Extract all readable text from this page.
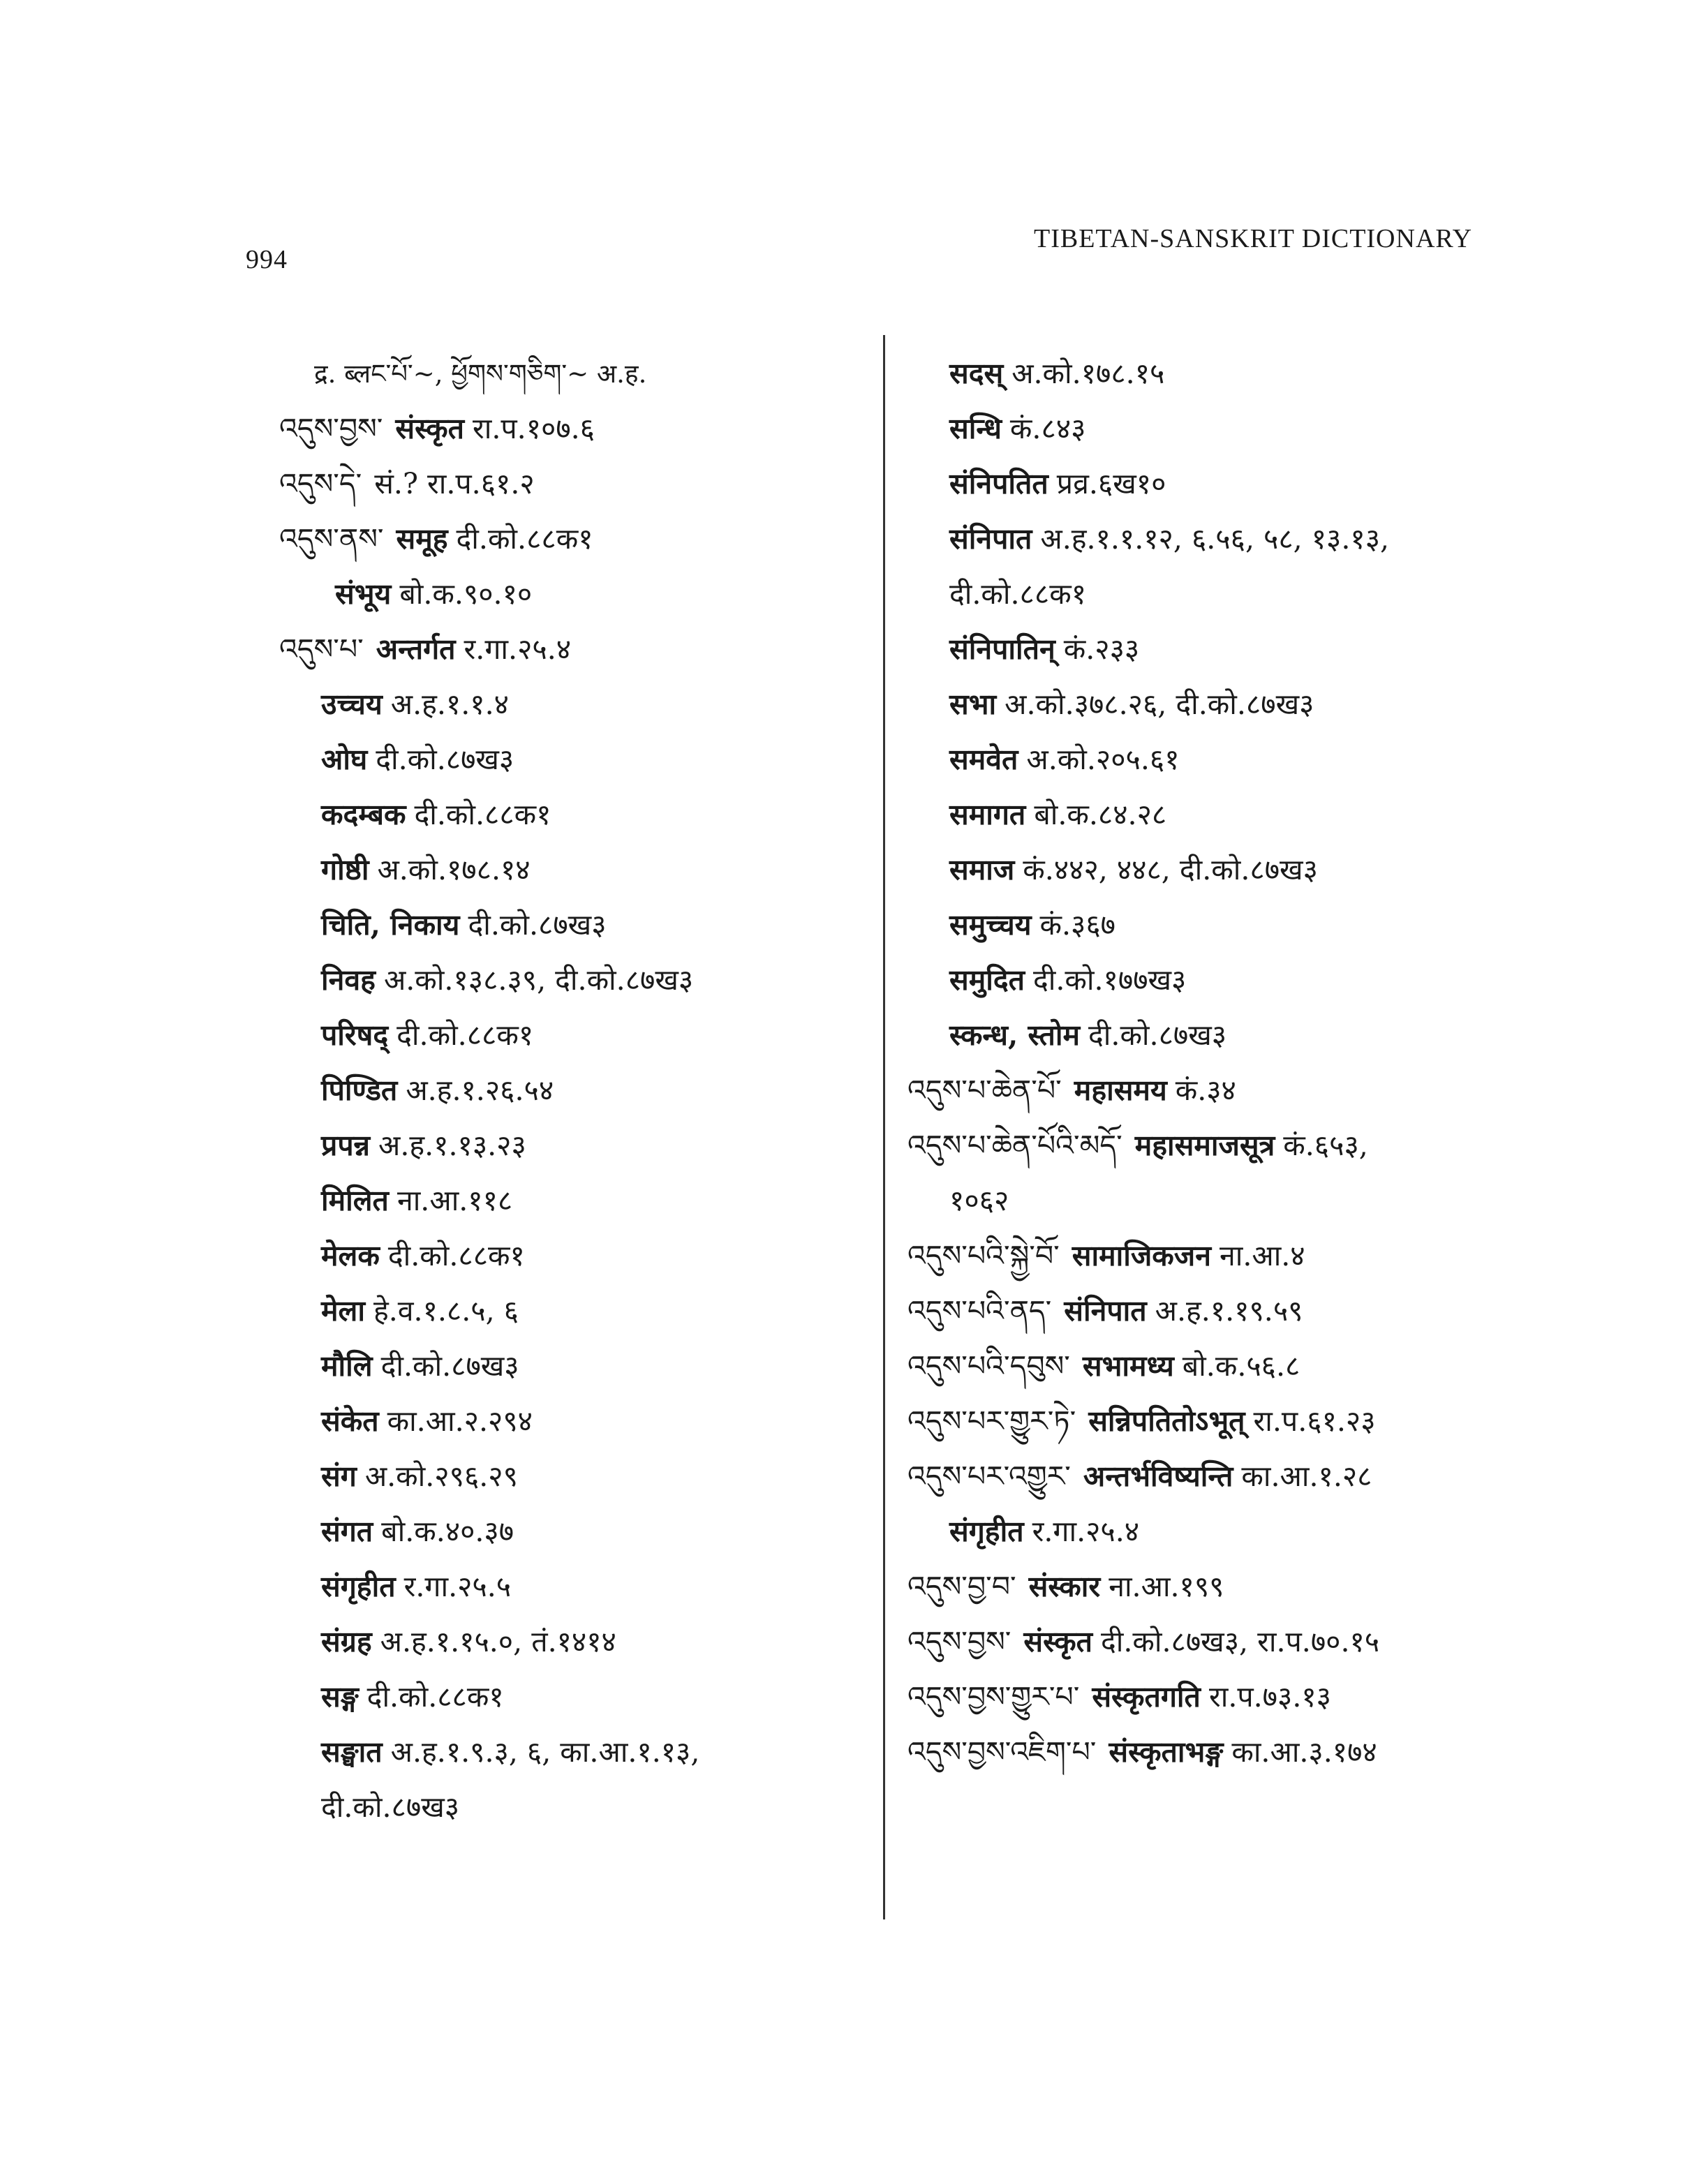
994
TIBETAN-SANSKRIT DICTIONARY
द्र. ब्लང་པོ་~, ཕྱོགས་གཅིག་~ अ.ह.
འདུས་བྱས་ संस्कृत रा.प.१०७.६
འདུས་དེ་ सं.? रा.प.६१.२
འདུས་ནས་ समूह दी.को.८८क१
संभूय बो.क.९०.१०
འདུས་པ་ अन्तर्गत र.गा.२५.४
उच्चय अ.ह.१.१.४
ओघ दी.को.८७ख३
कदम्बक दी.को.८८क१
गोष्ठी अ.को.१७८.१४
चिति, निकाय दी.को.८७ख३
निवह अ.को.१३८.३९, दी.को.८७ख३
परिषद् दी.को.८८क१
पिण्डित अ.ह.१.२६.५४
प्रपन्न अ.ह.१.१३.२३
मिलित ना.आ.११८
मेलक दी.को.८८क१
मेला हे.व.१.८.५, ६
मौलि दी.को.८७ख३
संकेत का.आ.२.२९४
संग अ.को.२९६.२९
संगत बो.क.४०.३७
संगृहीत र.गा.२५.५
संग्रह अ.ह.१.१५.०, तं.१४१४
सङ्ग दी.को.८८क१
सङ्घात अ.ह.१.९.३, ६, का.आ.१.१३,
दी.को.८७ख३
सदस् अ.को.१७८.१५
सन्धि कं.८४३
संनिपतित प्रव्र.६ख१०
संनिपात अ.ह.१.१.१२, ६.५६, ५८, १३.१३,
दी.को.८८क१
संनिपातिन् कं.२३३
सभा अ.को.३७८.२६, दी.को.८७ख३
समवेत अ.को.२०५.६१
समागत बो.क.८४.२८
समाज कं.४४२, ४४८, दी.को.८७ख३
समुच्चय कं.३६७
समुदित दी.को.१७७ख३
स्कन्ध, स्तोम दी.को.८७ख३
འདུས་པ་ཆེན་པོ་ महासमय कं.३४
འདུས་པ་ཆེན་པོའི་མདོ་ महासमाजसूत्र कं.६५३,
१०६२
འདུས་པའི་སྐྱེ་བོ་ सामाजिकजन ना.आ.४
འདུས་པའི་ནད་ संनिपात अ.ह.१.१९.५९
འདུས་པའི་དབུས་ सभामध्य बो.क.५६.८
འདུས་པར་གྱུར་ཏེ་ सन्निपतितोऽभूत् रा.प.६१.२३
འདུས་པར་འགྱུར་ अन्तर्भविष्यन्ति का.आ.१.२८
संगृहीत र.गा.२५.४
འདུས་བྱ་བ་ संस्कार ना.आ.१९९
འདུས་བྱས་ संस्कृत दी.को.८७ख३, रा.प.७०.१५
འདུས་བྱས་གྱུར་པ་ संस्कृतगति रा.प.७३.१३
འདུས་བྱས་འཇིག་པ་ संस्कृताभङ्ग का.आ.३.१७४
